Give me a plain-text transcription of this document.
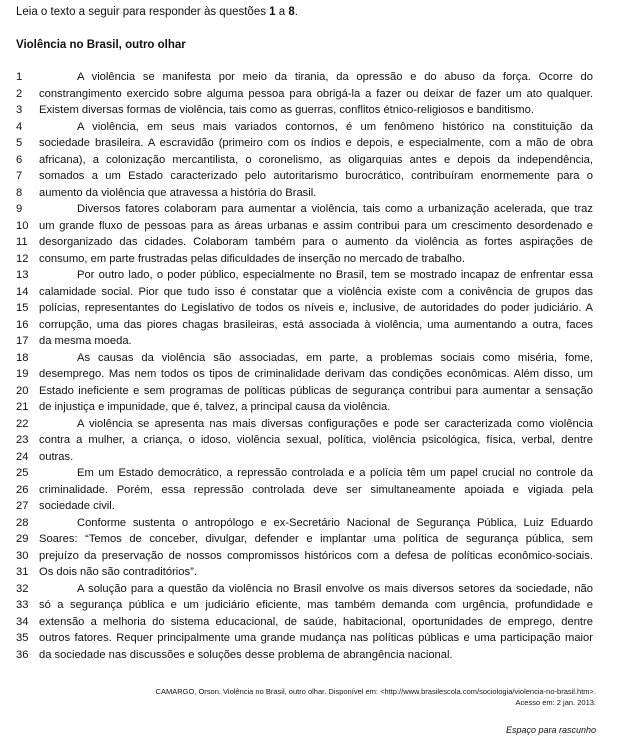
Leia o texto a seguir para responder às questões 1 a 8.
Violência no Brasil, outro olhar
1	A violência se manifesta por meio da tirania, da opressão e do abuso da força. Ocorre do
2	constrangimento exercido sobre alguma pessoa para obrigá-la a fazer ou deixar de fazer um ato qualquer.
3	Existem diversas formas de violência, tais como as guerras, conflitos étnico-religiosos e banditismo.
4	A violência, em seus mais variados contornos, é um fenômeno histórico na constituição da
5	sociedade brasileira. A escravidão (primeiro com os índios e depois, e especialmente, com a mão de obra
6	africana), a colonização mercantilista, o coronelismo, as oligarquias antes e depois da independência,
7	somados a um Estado caracterizado pelo autoritarismo burocrático, contribuíram enormemente para o
8	aumento da violência que atravessa a história do Brasil.
9	Diversos fatores colaboram para aumentar a violência, tais como a urbanização acelerada, que traz
10 um grande fluxo de pessoas para as áreas urbanas e assim contribui para um crescimento desordenado e
11	desorganizado das cidades. Colaboram também para o aumento da violência as fortes aspirações de
12 consumo, em parte frustradas pelas dificuldades de inserção no mercado de trabalho.
13	Por outro lado, o poder público, especialmente no Brasil, tem se mostrado incapaz de enfrentar essa
14 calamidade social. Pior que tudo isso é constatar que a violência existe com a conivência de grupos das
15 polícias, representantes do Legislativo de todos os níveis e, inclusive, de autoridades do poder judiciário. A
16 corrupção, uma das piores chagas brasileiras, está associada à violência, uma aumentando a outra, faces
17 da mesma moeda.
18	As causas da violência são associadas, em parte, a problemas sociais como miséria, fome,
19 desemprego. Mas nem todos os tipos de criminalidade derivam das condições econômicas. Além disso, um
20 Estado ineficiente e sem programas de políticas públicas de segurança contribui para aumentar a sensação
21 de injustiça e impunidade, que é, talvez, a principal causa da violência.
22	A violência se apresenta nas mais diversas configurações e pode ser caracterizada como violência
23 contra a mulher, a criança, o idoso, violência sexual, política, violência psicológica, física, verbal, dentre
24 outras.
25	Em um Estado democrático, a repressão controlada e a polícia têm um papel crucial no controle da
26 criminalidade. Porém, essa repressão controlada deve ser simultaneamente apoiada e vigiada pela
27 sociedade civil.
28	Conforme sustenta o antropólogo e ex-Secretário Nacional de Segurança Pública, Luiz Eduardo
29 Soares: “Temos de conceber, divulgar, defender e implantar uma política de segurança pública, sem
30 prejuízo da preservação de nossos compromissos históricos com a defesa de políticas econômico-sociais.
31 Os dois não são contraditórios”.
32	A solução para a questão da violência no Brasil envolve os mais diversos setores da sociedade, não
33 só a segurança pública e um judiciário eficiente, mas também demanda com urgência, profundidade e
34 extensão a melhoria do sistema educacional, de saúde, habitacional, oportunidades de emprego, dentre
35 outros fatores. Requer principalmente uma grande mudança nas políticas públicas e uma participação maior
36 da sociedade nas discussões e soluções desse problema de abrangência nacional.
CAMARGO, Orson. Violência no Brasil, outro olhar. Disponível em: <http://www.brasilescola.com/sociologia/violencia-no-brasil.htm>.
Acesso em: 2 jan. 2013.
Espaço para rascunho
